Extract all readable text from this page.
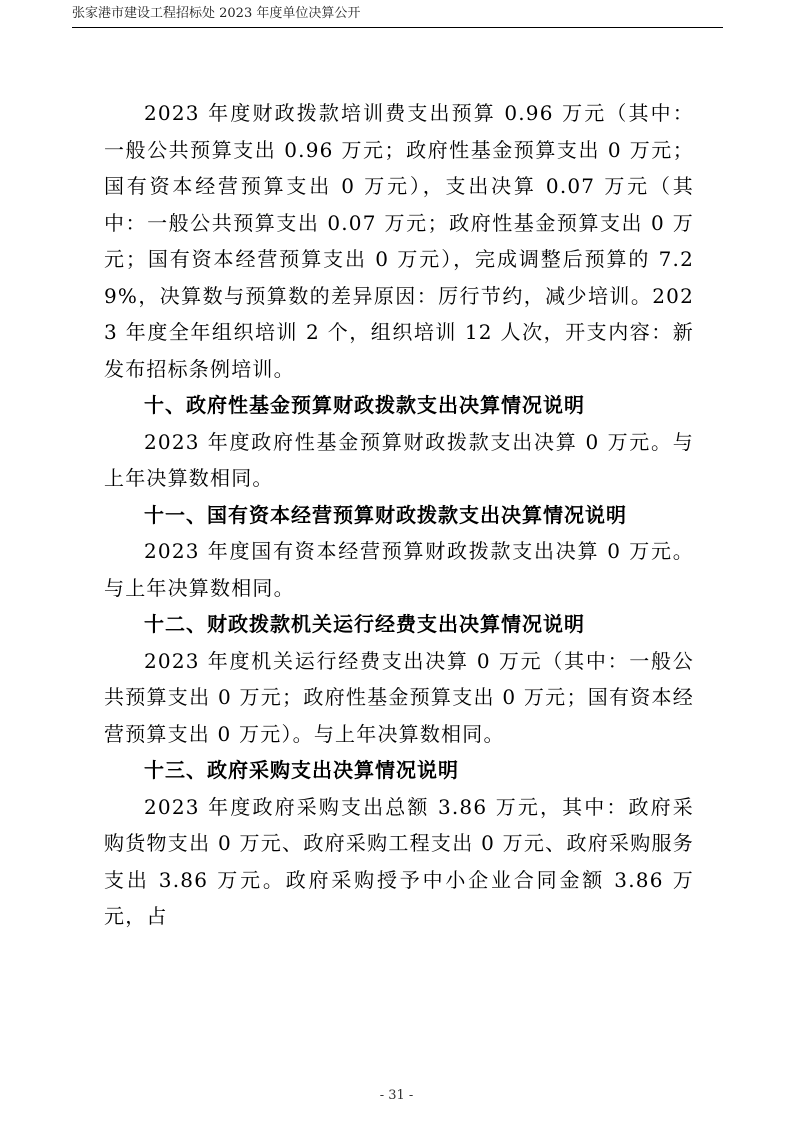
张家港市建设工程招标处 2023 年度单位决算公开

2023 年度财政拨款培训费支出预算 0.96 万元（其中：一般公共预算支出 0.96 万元；政府性基金预算支出 0 万元；国有资本经营预算支出 0 万元），支出决算 0.07 万元（其中：一般公共预算支出 0.07 万元；政府性基金预算支出 0 万元；国有资本经营预算支出 0 万元），完成调整后预算的 7.29%，决算数与预算数的差异原因：厉行节约，减少培训。2023 年度全年组织培训 2 个，组织培训 12 人次，开支内容：新发布招标条例培训。

十、政府性基金预算财政拨款支出决算情况说明

2023 年度政府性基金预算财政拨款支出决算 0 万元。与上年决算数相同。

十一、国有资本经营预算财政拨款支出决算情况说明

2023 年度国有资本经营预算财政拨款支出决算 0 万元。与上年决算数相同。

十二、财政拨款机关运行经费支出决算情况说明

2023 年度机关运行经费支出决算 0 万元（其中：一般公共预算支出 0 万元；政府性基金预算支出 0 万元；国有资本经营预算支出 0 万元）。与上年决算数相同。

十三、政府采购支出决算情况说明

2023 年度政府采购支出总额 3.86 万元，其中：政府采购货物支出 0 万元、政府采购工程支出 0 万元、政府采购服务支出 3.86 万元。政府采购授予中小企业合同金额 3.86 万元，占

- 31 -
